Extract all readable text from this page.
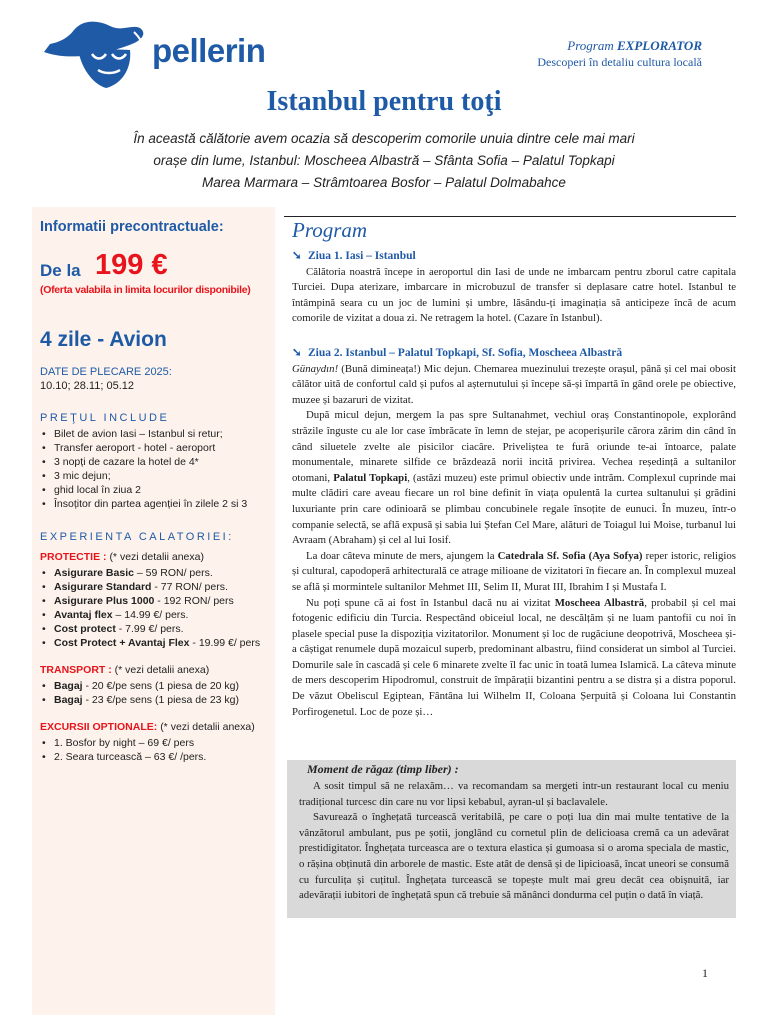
pellerin	Program EXPLORATOR
Descoperi în detaliu cultura locală
Istanbul pentru toţi
În această călătorie avem ocazia să descoperim comorile unuia dintre cele mai mari
orașe din lume, Istanbul: Moscheea Albastră – Sfânta Sofia – Palatul Topkapi
Marea Marmara – Strâmtoarea Bosfor – Palatul Dolmabahce
Informatii precontractuale:
De la 199 €
(Oferta valabila in limita locurilor disponibile)
4 zile - Avion
DATE DE PLECARE 2025:
10.10; 28.11; 05.12
PREŢUL INCLUDE
• Bilet de avion Iasi – Istanbul si retur;
• Transfer aeroport - hotel - aeroport
• 3 nopți de cazare la hotel de 4*
• 3 mic dejun;
• ghid local în ziua 2
• Însoțitor din partea agenției în zilele 2 si 3
EXPERIENTA CALATORIEI:
PROTECTIE : (* vezi detalii anexa)
• Asigurare Basic – 59 RON/ pers.
• Asigurare Standard - 77 RON/ pers.
• Asigurare Plus 1000 - 192 RON/ pers
• Avantaj flex – 14.99 €/ pers.
• Cost protect - 7.99 €/ pers.
• Cost Protect + Avantaj Flex - 19.99 €/ pers
TRANSPORT : (* vezi detalii anexa)
• Bagaj - 20 €/pe sens (1 piesa de 20 kg)
• Bagaj - 23 €/pe sens (1 piesa de 23 kg)
EXCURSII OPTIONALE: (* vezi detalii anexa)
• 1. Bosfor by night – 69 €/ pers
• 2. Seara turcească – 63 €/ /pers.
Program
➘ Ziua 1. Iasi – Istanbul

Călătoria noastră începe in aeroportul din Iasi de unde ne imbarcam pentru zborul catre capitala Turciei. Dupa aterizare, imbarcare in microbuzul de transfer si deplasare catre hotel. Istanbul te întâmpină seara cu un joc de lumini și umbre, lăsându-ți imaginația să anticipeze încă de acum comorile de vizitat a doua zi. Ne retragem la hotel. (Cazare în Istanbul).

➘ Ziua 2. Istanbul – Palatul Topkapi, Sf. Sofia, Moscheea Albastră

Günaydın! (Bună dimineața!) Mic dejun. Chemarea muezinului trezește orașul, până și cel mai obosit călător uită de confortul cald și pufos al așternutului și începe să-și împartă în gând orele pe obiective, muzee și bazaruri de vizitat.

După micul dejun, mergem la pas spre Sultanahmet, vechiul oraș Constantinopole, explorând străzile înguste cu ale lor case îmbrăcate în lemn de stejar, pe acoperișurile cărora zărim din când în când siluetele zvelte ale pisicilor ciacâre. Priveliștea te fură oriunde te-ai întoarce, palate monumentale, minarete silfide ce brăzdează norii incită privirea. Vechea reședință a sultanilor otomani, Palatul Topkapi, (astăzi muzeu) este primul obiectiv unde intrăm. Complexul cuprinde mai multe clădiri care aveau fiecare un rol bine definit în viața opulentă la curtea sultanului și grădini luxuriante prin care odinioară se plimbau concubinele regale însoțite de eunuci. În muzeu, într-o companie selectă, se află expusă și sabia lui Ștefan Cel Mare, alături de Toiagul lui Moise, turbanul lui Avraam (Abraham) și cel al lui Iosif.

La doar câteva minute de mers, ajungem la Catedrala Sf. Sofia (Aya Sofya) reper istoric, religios și cultural, capodoperă arhitecturală ce atrage milioane de vizitatori în fiecare an. În complexul muzeal se află și mormintele sultanilor Mehmet III, Selim II, Murat III, Ibrahim I și Mustafa I.

Nu poți spune că ai fost în Istanbul dacă nu ai vizitat Moscheea Albastră, probabil și cel mai fotogenic edificiu din Turcia. Respectând obiceiul local, ne descălțăm și ne luam pantofii cu noi în plasele special puse la dispoziția vizitatorilor. Monument și loc de rugăciune deopotrivă, Moscheea și-a câștigat renumele după mozaicul superb, predominant albastru, fiind considerat un simbol al Turciei. Domurile sale în cascadă și cele 6 minarete zvelte îl fac unic în toată lumea Islamică. La câteva minute de mers descoperim Hipodromul, construit de împărații bizantini pentru a se distra și a distra poporul. De văzut Obeliscul Egiptean, Fântâna lui Wilhelm II, Coloana Șerpuită și Coloana lui Constantin Porfirogenetul. Loc de poze și…

Moment de răgaz (timp liber) :

A sosit timpul să ne relaxăm… va recomandam sa mergeti intr-un restaurant local cu meniu tradițional turcesc din care nu vor lipsi kebabul, ayran-ul și baclavalele.

Savurează o înghețată turcească veritabilă, pe care o poți lua din mai multe tentative de la vânzătorul ambulant, pus pe șotii, jonglând cu cornetul plin de delicioasa cremă ca un adevărat prestidigitator. Înghețata turceasca are o textura elastica și gumoasa si o aroma speciala de mastic, o rășina obținută din arborele de mastic. Este atât de densă și de lipicioasă, încat uneori se consumă cu furculița și cuțitul. Înghețata turcească se topește mult mai greu decât cea obișnuită, iar adevărații iubitori de înghețată spun că trebuie să mănânci dondurma cel puțin o dată în viață.

1
